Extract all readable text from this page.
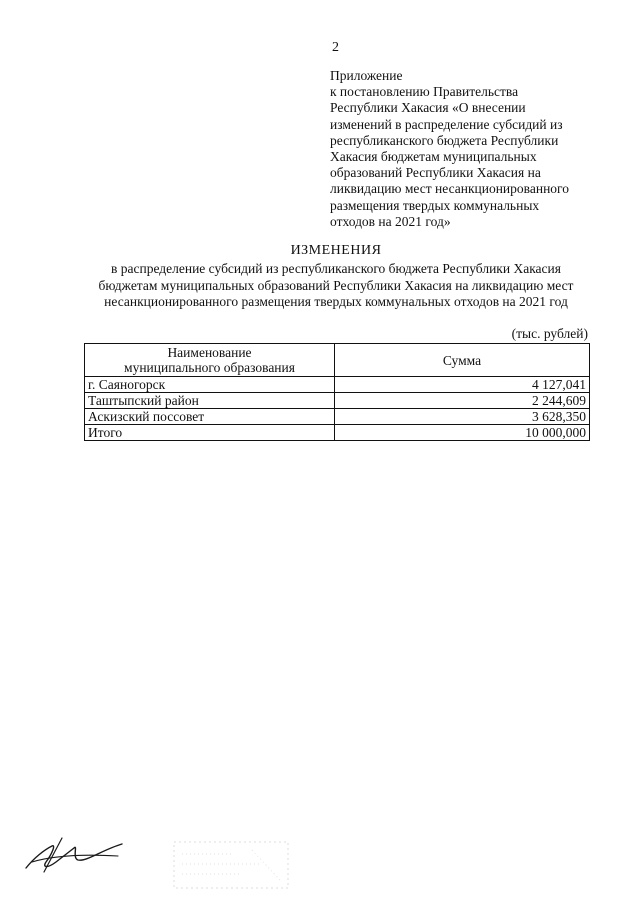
2
Приложение
к постановлению Правительства
Республики Хакасия «О внесении
изменений в распределение субсидий из
республиканского бюджета Республики
Хакасия бюджетам муниципальных
образований Республики Хакасия на
ликвидацию мест несанкционированного
размещения твердых коммунальных
отходов на 2021 год»
ИЗМЕНЕНИЯ
в распределение субсидий из республиканского бюджета Республики Хакасия
бюджетам муниципальных образований Республики Хакасия на ликвидацию мест
несанкционированного размещения твердых коммунальных отходов на 2021 год
(тыс. рублей)
Наименование
муниципального образования	Сумма
г. Саяногорск	4 127,041
Таштыпский район	2 244,609
Аскизский поссовет	3 628,350
Итого	10 000,000
